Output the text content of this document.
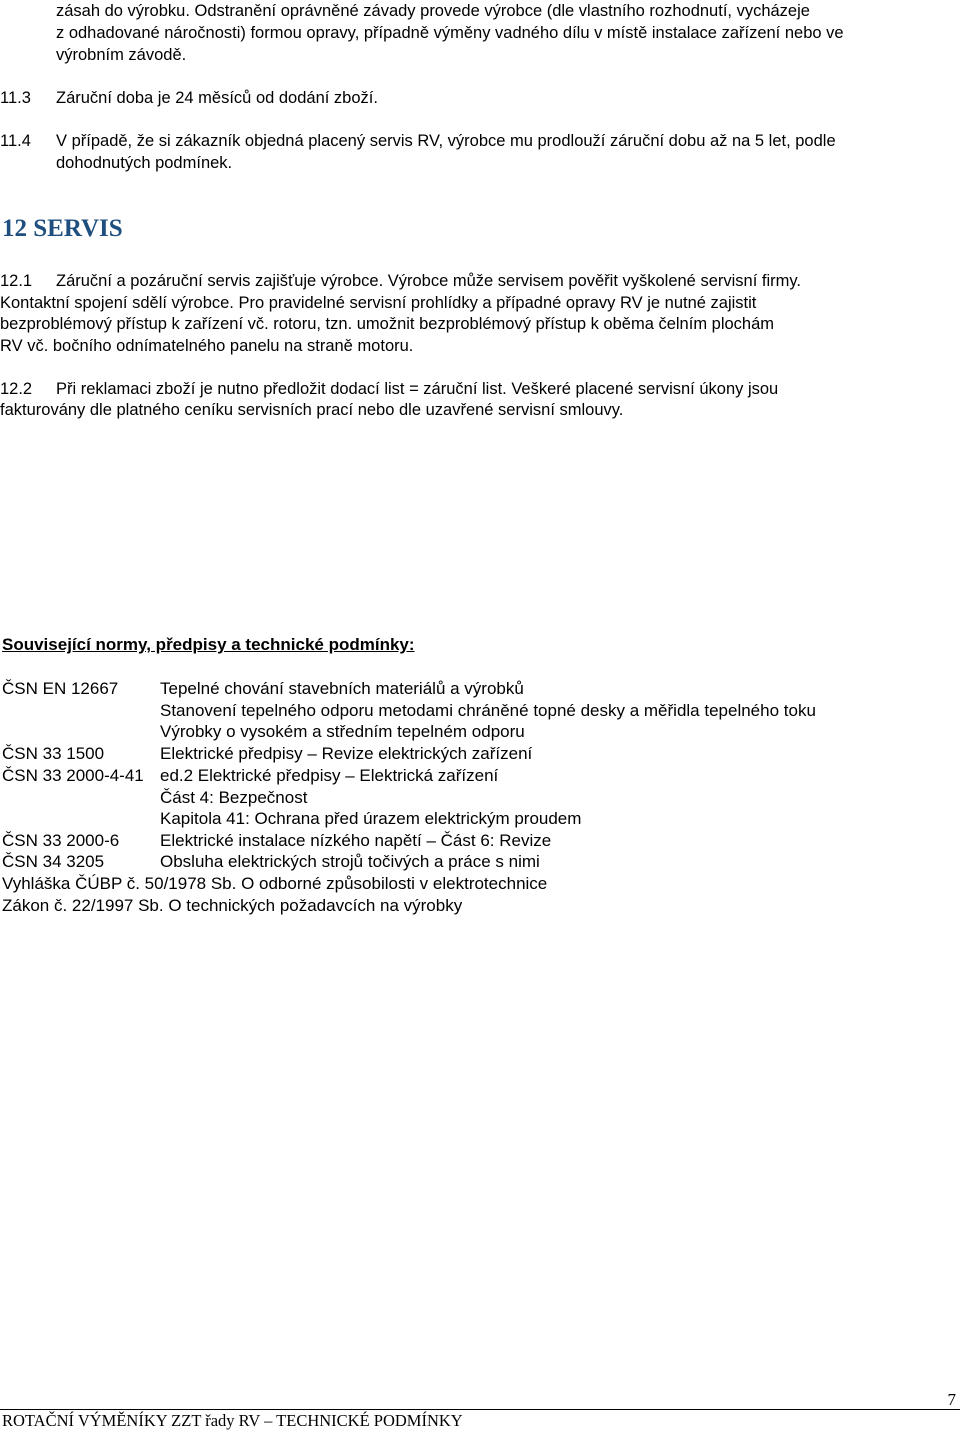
zásah do výrobku. Odstranění oprávněné závady provede výrobce (dle vlastního rozhodnutí, vycházeje

z odhadované náročnosti) formou opravy, případně výměny vadného dílu v místě instalace zařízení nebo ve

výrobním závodě.

11.3 Záruční doba je 24 měsíců od dodání zboží.

11.4 V případě, že si zákazník objedná placený servis RV, výrobce mu prodlouží záruční dobu až na 5 let, podle

dohodnutých podmínek.

12 SERVIS
12.1 Záruční a pozáruční servis zajišťuje výrobce. Výrobce může servisem pověřit vyškolené servisní firmy.

Kontaktní spojení sdělí výrobce. Pro pravidelné servisní prohlídky a případné opravy RV je nutné zajistit

bezproblémový přístup k zařízení vč. rotoru, tzn. umožnit bezproblémový přístup k oběma čelním plochám

RV vč. bočního odnímatelného panelu na straně motoru.

12.2 Při reklamaci zboží je nutno předložit dodací list = záruční list. Veškeré placené servisní úkony jsou

fakturovány dle platného ceníku servisních prací nebo dle uzavřené servisní smlouvy.

Související normy, předpisy a technické podmínky:

ČSN EN 12667 Tepelné chování stavebních materiálů a výrobků
Stanovení tepelného odporu metodami chráněné topné desky a měřidla tepelného toku
Výrobky o vysokém a středním tepelném odporu
ČSN 33 1500	Elektrické předpisy – Revize elektrických zařízení
ČSN 33 2000-4-41 ed.2 Elektrické předpisy – Elektrická zařízení
Část 4: Bezpečnost
Kapitola 41: Ochrana před úrazem elektrickým proudem
ČSN 33 2000-6 Elektrické instalace nízkého napětí – Část 6: Revize
ČSN 34 3205	Obsluha elektrických strojů točivých a práce s nimi
Vyhláška ČÚBP č. 50/1978 Sb. O odborné způsobilosti v elektrotechnice
Zákon č. 22/1997 Sb. O technických požadavcích na výrobky
7
ROTAČNÍ VÝMĚNÍKY ZZT řady RV – TECHNICKÉ PODMÍNKY
